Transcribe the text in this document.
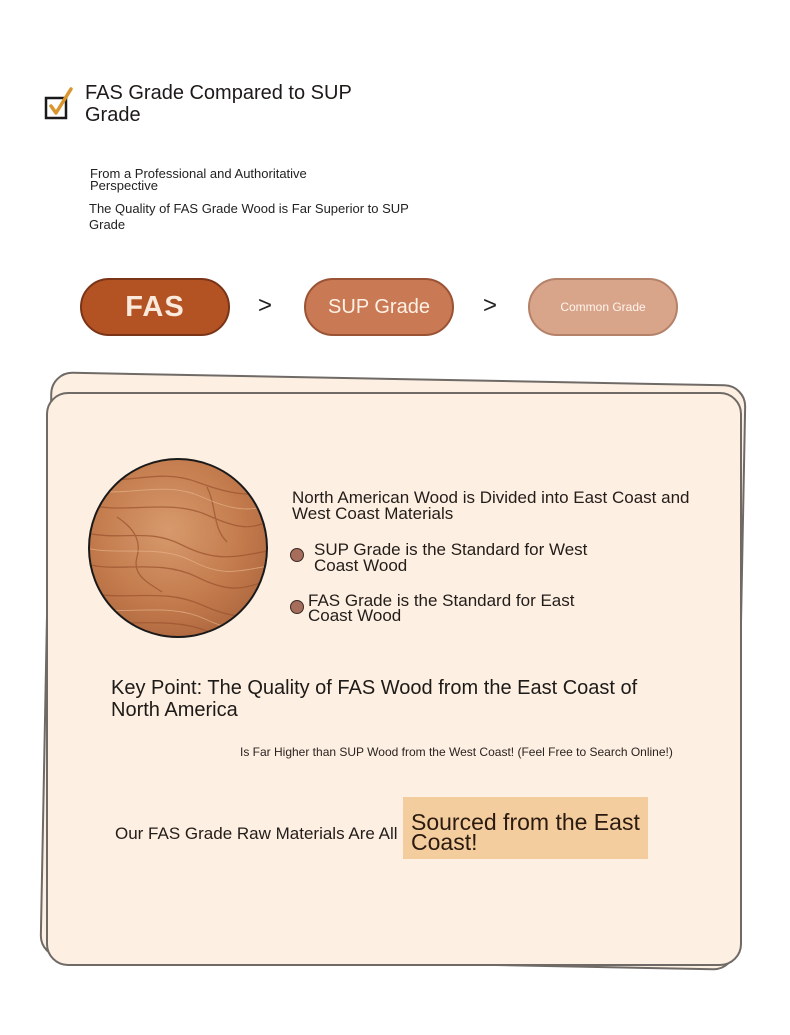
FAS Grade Compared to SUP Grade
From a Professional and Authoritative Perspective
The Quality of FAS Grade Wood is Far Superior to SUP Grade
FAS	>	SUP Grade	>	Common Grade
North American Wood is Divided into East Coast and West Coast Materials
SUP Grade is the Standard for West Coast Wood
FAS Grade is the Standard for East Coast Wood
Key Point: The Quality of FAS Wood from the East Coast of North America
Is Far Higher than SUP Wood from the West Coast! (Feel Free to Search Online!)
Our FAS Grade Raw Materials Are All Sourced from the East Coast!
